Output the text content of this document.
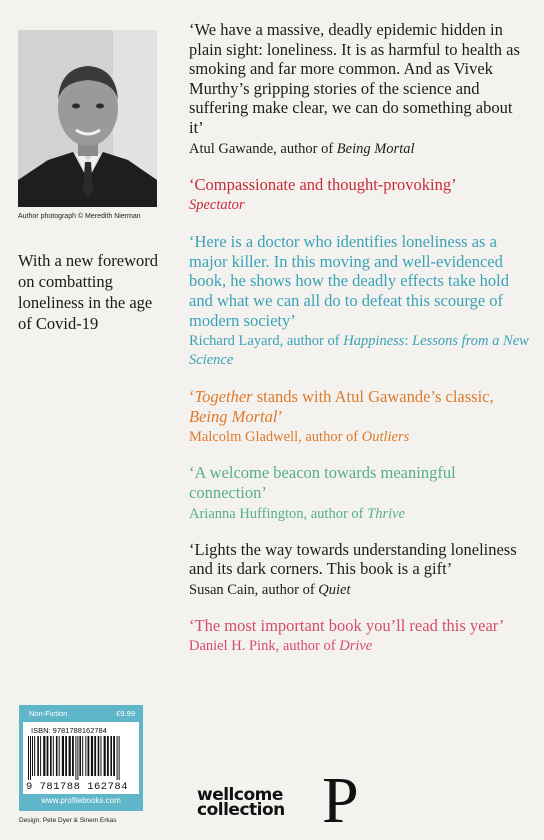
Author photograph © Meredith Nierman
With a new foreword on combatting loneliness in the age of Covid-19
‘We have a massive, deadly epidemic hidden in plain sight: loneliness. It is as harmful to health as smoking and far more common. And as Vivek Murthy’s gripping stories of the science and suffering make clear, we can do something about it’
Atul Gawande, author of Being Mortal
‘Compassionate and thought-provoking’
Spectator
‘Here is a doctor who identifies loneliness as a major killer. In this moving and well-evidenced book, he shows how the deadly effects take hold and what we can all do to defeat this scourge of modern society’
Richard Layard, author of Happiness: Lessons from a New Science
‘Together stands with Atul Gawande’s classic, Being Mortal’
Malcolm Gladwell, author of Outliers
‘A welcome beacon towards meaningful connection’
Arianna Huffington, author of Thrive
‘Lights the way towards understanding loneliness and its dark corners. This book is a gift’
Susan Cain, author of Quiet
‘The most important book you’ll read this year’
Daniel H. Pink, author of Drive
Non-Fiction	£9.99
ISBN: 9781788162784
9 781788 162784
www.profilebooks.com
Design: Pete Dyer & Sinem Erkas
wellcome
collection P
